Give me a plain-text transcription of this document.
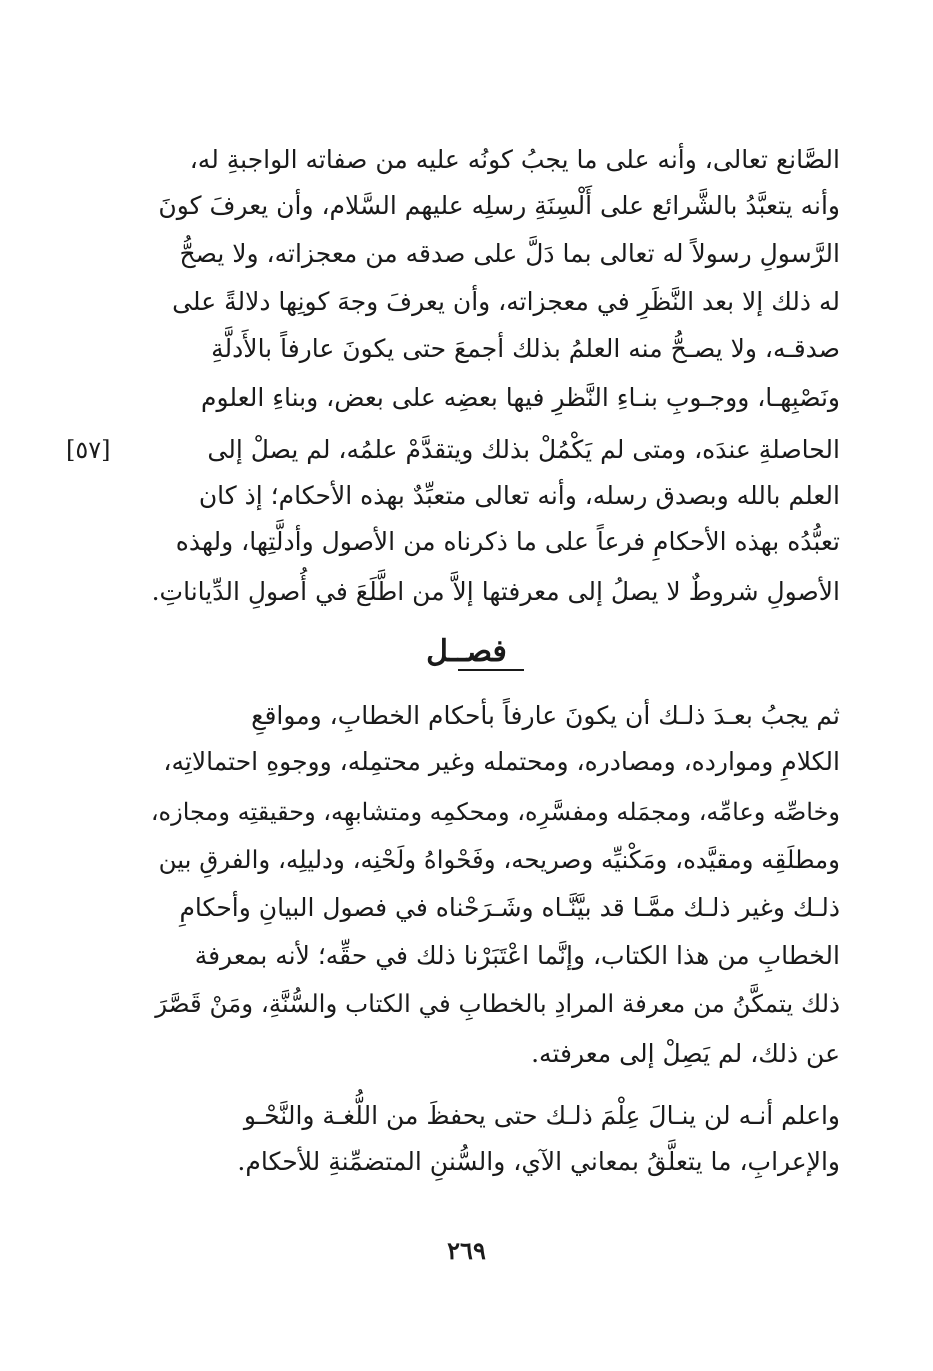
الصَّانع تعالى، وأنه على ما يجبُ كونُه عليه من صفاته الواجبةِ له،
وأنه يتعبَّدُ بالشَّرائع على أَلْسِنَةِ رسلِه عليهم السَّلام، وأن يعرفَ كونَ
الرَّسولِ رسولاً له تعالى بما دَلَّ على صدقه من معجزاته، ولا يصحُّ
له ذلك إلا بعد النَّظَرِ في معجزاته، وأن يعرفَ وجهَ كونِها دلالةً على
صدقـه، ولا يصـحُّ منه العلمُ بذلك أجمعَ حتى يكونَ عارفاً بالأَدلَّةِ
ونَصْبِهـا، ووجـوبِ بنـاءِ النَّظرِ فيها بعضِه على بعض، وبناءِ العلوم
الحاصلةِ عندَه، ومتى لم يَكْمُلْ بذلك ويتقدَّمْ علمُه، لم يصلْ إلى
العلم بالله وبصدق رسله، وأنه تعالى متعبِّدٌ بهذه الأحكام؛ إذ كان
تعبُّدُه بهذه الأحكامِ فرعاً على ما ذكرناه من الأصول وأدلَّتِها، ولهذه
الأصولِ شروطٌ لا يصلُ إلى معرفتها إلاَّ من اطَّلَعَ في أُصولِ الدِّياناتِ.
[٥٧]
فصــل
ثم يجبُ بعـدَ ذلـك أن يكونَ عارفاً بأحكام الخطابِ، ومواقعِ
الكلامِ وموارده، ومصادره، ومحتمله وغير محتمِله، ووجوهِ احتمالاتِه،
وخاصِّه وعامِّه، ومجمَله ومفسَّرِه، ومحكمِه ومتشابهِه، وحقيقتِه ومجازه،
ومطلَقِه ومقيَّده، ومَكْنيِّه وصريحه، وفَحْواهُ ولَحْنِه، ودليلِه، والفرقِ بين
ذلـك وغير ذلـك ممَّـا قد بيَّنَّـاه وشَـرَحْناه في فصول البيانِ وأحكامِ
الخطابِ من هذا الكتاب، وإنَّما اعْتَبَرْنا ذلك في حقِّه؛ لأنه بمعرفة
ذلك يتمكَّنُ من معرفة المرادِ بالخطابِ في الكتاب والسُّنَّةِ، ومَنْ قَصَّرَ
عن ذلك، لم يَصِلْ إلى معرفته.
واعلم أنـه لن ينـالَ عِلْمَ ذلـك حتى يحفظَ من اللُّغـة والنَّحْـو
والإعرابِ، ما يتعلَّقُ بمعاني الآي، والسُّننِ المتضمِّنةِ للأحكام.
٢٦٩
